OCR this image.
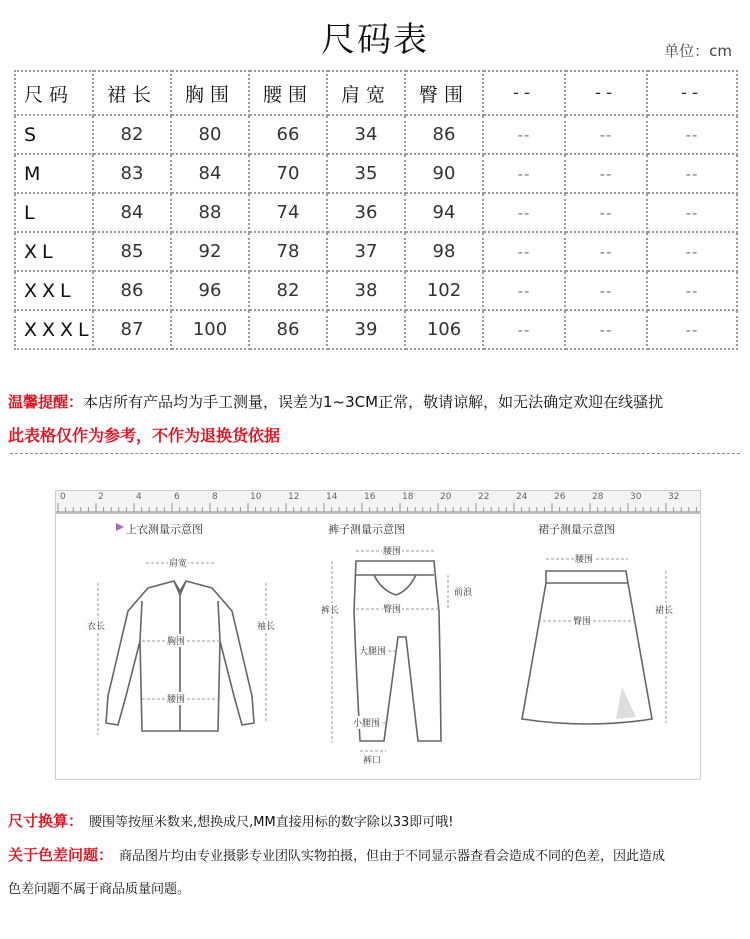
尺码表	单位：cm
尺码	裙长	胸围	腰围	肩宽	臀围	--	--	--
S	82	80	66	34	86	--	--	--
M	83	84	70	35	90	--	--	--
L	84	88	74	36	94	--	--	--
XL	85	92	78	37	98	--	--	--
XXL	86	96	82	38	102	--	--	--
XXXL	87	100	86	39	106	--	--	--
温馨提醒：本店所有产品均为手工测量，误差为1~3CM正常，敬请谅解，如无法确定欢迎在线骚扰
此表格仅作为参考，不作为退换货依据
0	2	4	6	8	10	12	14	16	18	20	22	24	26	28	30	32
上衣测量示意图
肩宽
衣长	袖长
胸围
腰围
裤子测量示意图
腰围
裤长	臀围
前浪
大腿围
小腿围
裤口
裙子测量示意图
腰围
臀围
裙长
尺寸换算： 腰围等按厘米数来,想换成尺,MM直接用标的数字除以33即可哦!
关于色差问题： 商品图片均由专业摄影专业团队实物拍摄，但由于不同显示器查看会造成不同的色差，因此造成
色差问题不属于商品质量问题。
